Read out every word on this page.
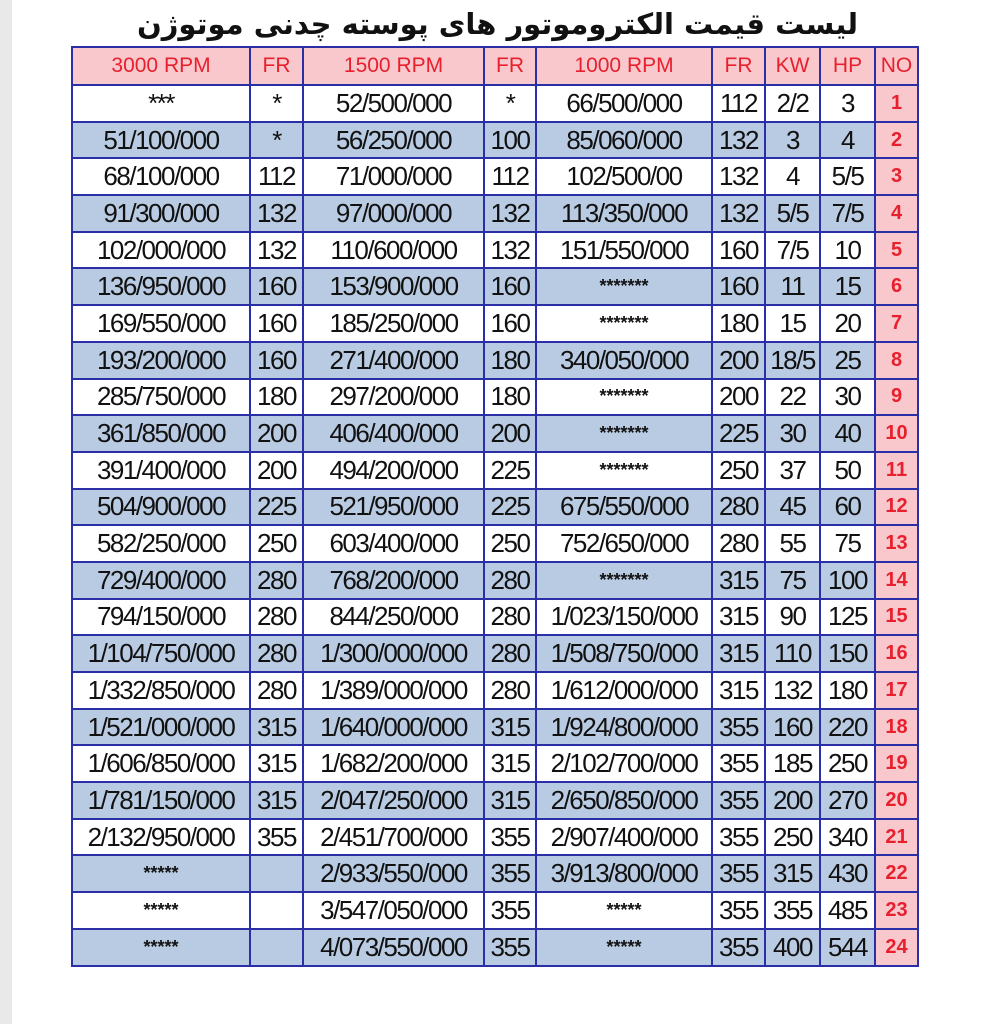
لیست قیمت الکتروموتور های پوسته چدنی موتوژن
3000 RPM	FR	1500 RPM	FR	1000 RPM	FR	KW	HP	NO
***	*	52/500/000	*	66/500/000	112	2/2	3	1
51/100/000	*	56/250/000	100	85/060/000	132	3	4	2
68/100/000	112	71/000/000	112	102/500/00	132	4	5/5	3
91/300/000	132	97/000/000	132	113/350/000	132	5/5	7/5	4
102/000/000	132	110/600/000	132	151/550/000	160	7/5	10	5
136/950/000	160	153/900/000	160	*******	160	11	15	6
169/550/000	160	185/250/000	160	*******	180	15	20	7
193/200/000	160	271/400/000	180	340/050/000	200	18/5	25	8
285/750/000	180	297/200/000	180	*******	200	22	30	9
361/850/000	200	406/400/000	200	*******	225	30	40	10
391/400/000	200	494/200/000	225	*******	250	37	50	11
504/900/000	225	521/950/000	225	675/550/000	280	45	60	12
582/250/000	250	603/400/000	250	752/650/000	280	55	75	13
729/400/000	280	768/200/000	280	*******	315	75	100	14
794/150/000	280	844/250/000	280	1/023/150/000	315	90	125	15
1/104/750/000	280	1/300/000/000	280	1/508/750/000	315	110	150	16
1/332/850/000	280	1/389/000/000	280	1/612/000/000	315	132	180	17
1/521/000/000	315	1/640/000/000	315	1/924/800/000	355	160	220	18
1/606/850/000	315	1/682/200/000	315	2/102/700/000	355	185	250	19
1/781/150/000	315	2/047/250/000	315	2/650/850/000	355	200	270	20
2/132/950/000	355	2/451/700/000	355	2/907/400/000	355	250	340	21
*****		2/933/550/000	355	3/913/800/000	355	315	430	22
*****		3/547/050/000	355	*****	355	355	485	23
*****		4/073/550/000	355	*****	355	400	544	24
